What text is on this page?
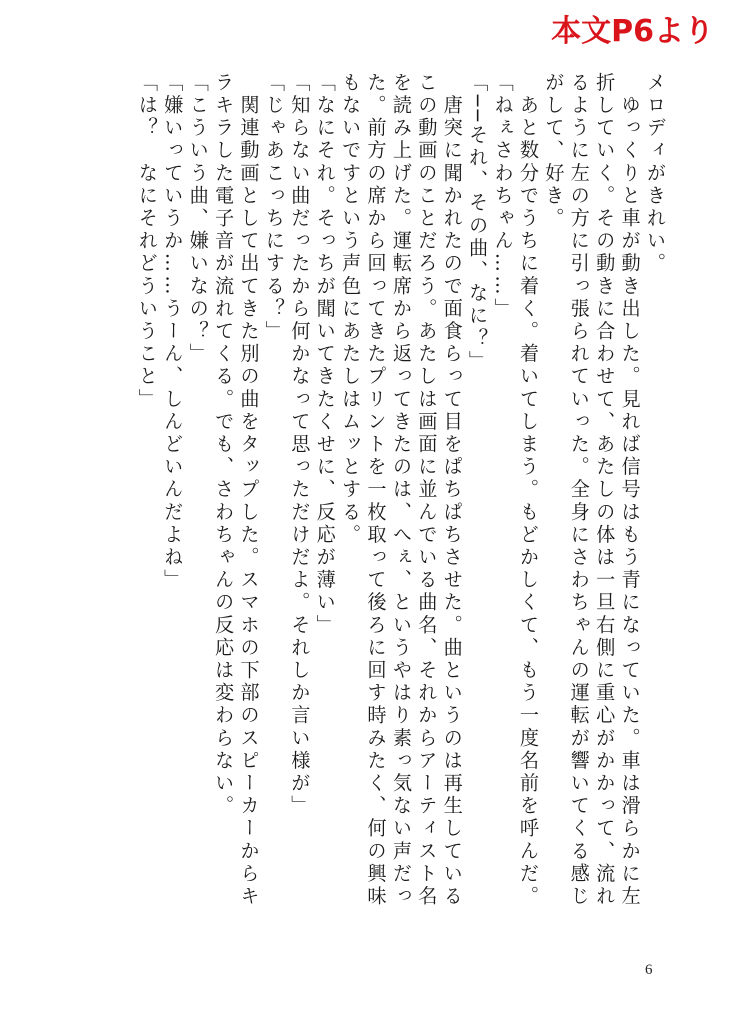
本文P6より

メロディがきれい。

　ゆっくりと車が動き出した。見れば信号はもう青になっていた。車は滑らかに左

折していく。その動きに合わせて、あたしの体は一旦右側に重心がかかって、流れ

るように左の方に引っ張られていった。全身にさわちゃんの運転が響いてくる感じ

がして、好き。

　あと数分でうちに着く。着いてしまう。もどかしくて、もう一度名前を呼んだ。

「ねぇさわちゃん……」

「──それ、その曲、なに？」

　唐突に聞かれたので面食らって目をぱちぱちさせた。曲というのは再生している

この動画のことだろう。あたしは画面に並んでいる曲名、それからアーティスト名

を読み上げた。運転席から返ってきたのは、へぇ、というやはり素っ気ない声だっ

た。前方の席から回ってきたプリントを一枚取って後ろに回す時みたく、何の興味

もないですという声色にあたしはムッとする。

「なにそれ。そっちが聞いてきたくせに、反応が薄い」

「知らない曲だったから何かなって思っただけだよ。それしか言い様が」

「じゃあこっちにする？」

　関連動画として出てきた別の曲をタップした。スマホの下部のスピーカーからキ

ラキラした電子音が流れてくる。でも、さわちゃんの反応は変わらない。

「こういう曲、嫌いなの？」

「嫌いっていうか……うーん、しんどいんだよね」

「は？　なにそれどういうこと」

6
